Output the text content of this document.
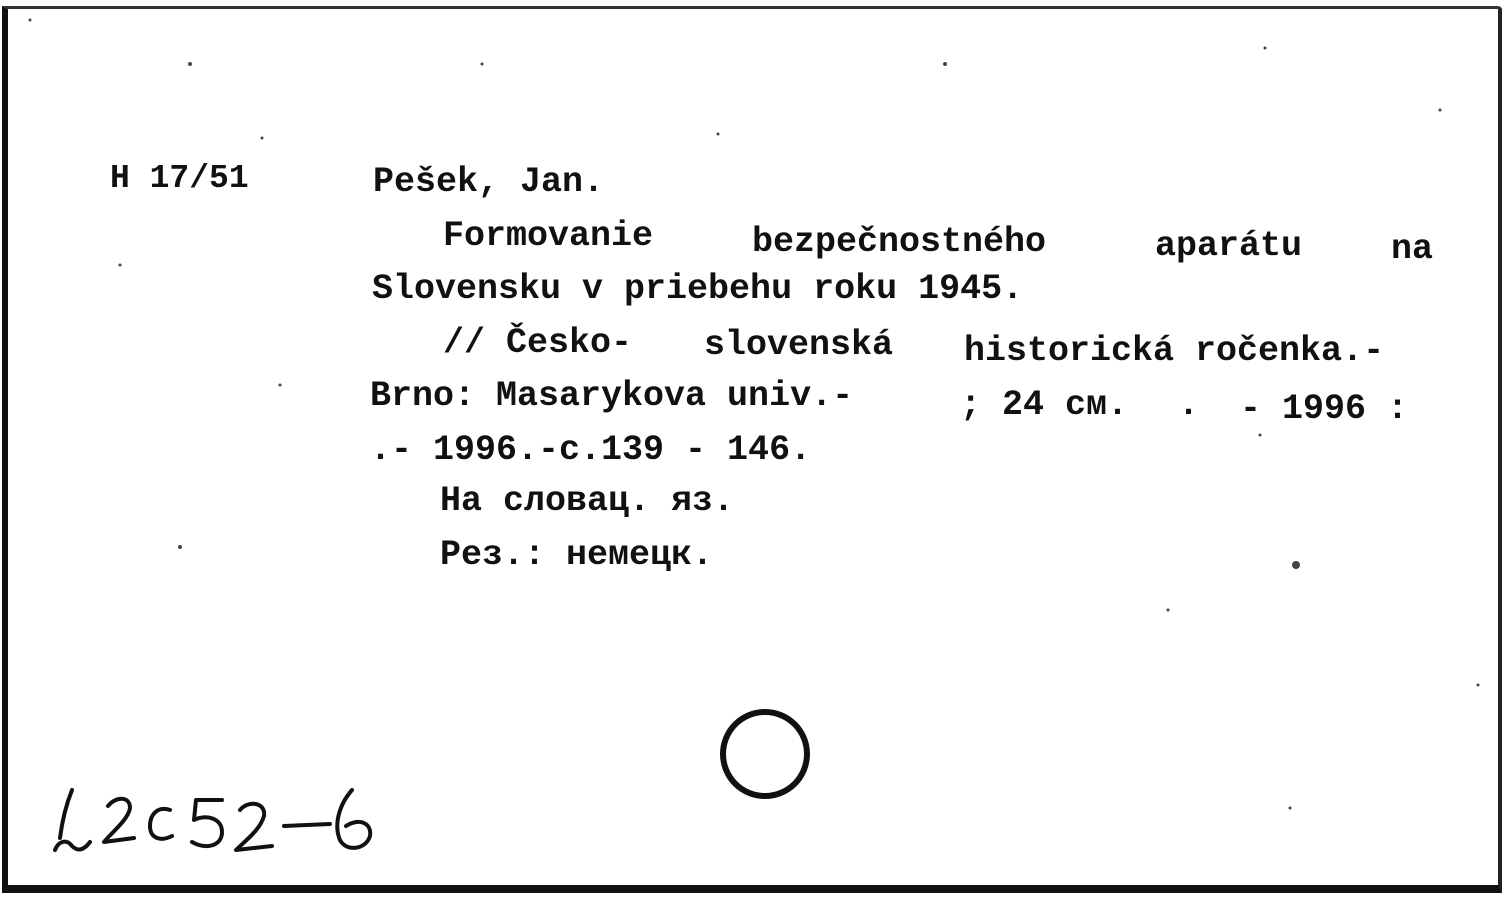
H 17/51	Pešek, Jan.
Formovanie	bezpečnostného	aparátu	na
Slovensku v priebehu roku 1945.
// Česko- slovenská historická ročenka.-
Brno: Masarykova univ.-	; 24 см. . - 1996 :
.- 1996.-с.139 - 146.
На словац. яз.
Рез.: немецк.
